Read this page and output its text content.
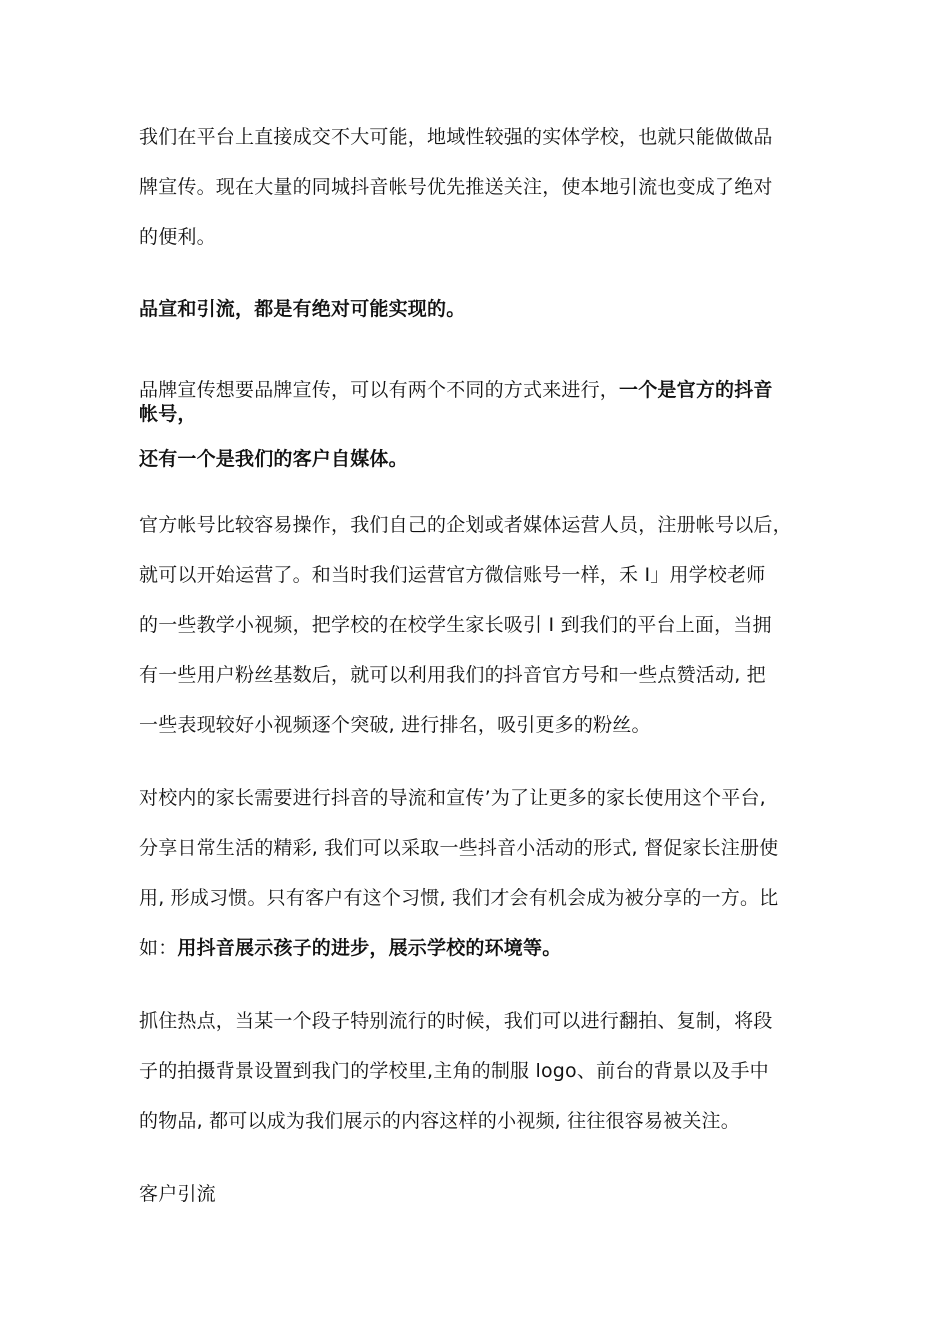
我们在平台上直接成交不大可能，地域性较强的实体学校，也就只能做做品
牌宣传。现在大量的同城抖音帐号优先推送关注，使本地引流也变成了绝对
的便利。
品宣和引流，都是有绝对可能实现的。
品牌宣传想要品牌宣传，可以有两个不同的方式来进行，一个是官方的抖音
帐号，
还有一个是我们的客户自媒体。
官方帐号比较容易操作，我们自己的企划或者媒体运营人员，注册帐号以后，
就可以开始运营了。和当时我们运营官方微信账号一样，禾 I」用学校老师
的一些教学小视频，把学校的在校学生家长吸引 I 到我们的平台上面，当拥
有一些用户粉丝基数后，就可以利用我们的抖音官方号和一些点赞活动, 把
一些表现较好小视频逐个突破, 进行排名，吸引更多的粉丝。
对校内的家长需要进行抖音的导流和宣传’为了让更多的家长使用这个平台,
分享日常生活的精彩, 我们可以采取一些抖音小活动的形式, 督促家长注册使
用, 形成习惯。只有客户有这个习惯, 我们才会有机会成为被分享的一方。比
如：用抖音展示孩子的进步，展示学校的环境等。
抓住热点，当某一个段子特别流行的时候，我们可以进行翻拍、复制，将段
子的拍摄背景设置到我门的学校里,主角的制服 logo、前台的背景以及手中
的物品, 都可以成为我们展示的内容这样的小视频, 往往很容易被关注。
客户引流
